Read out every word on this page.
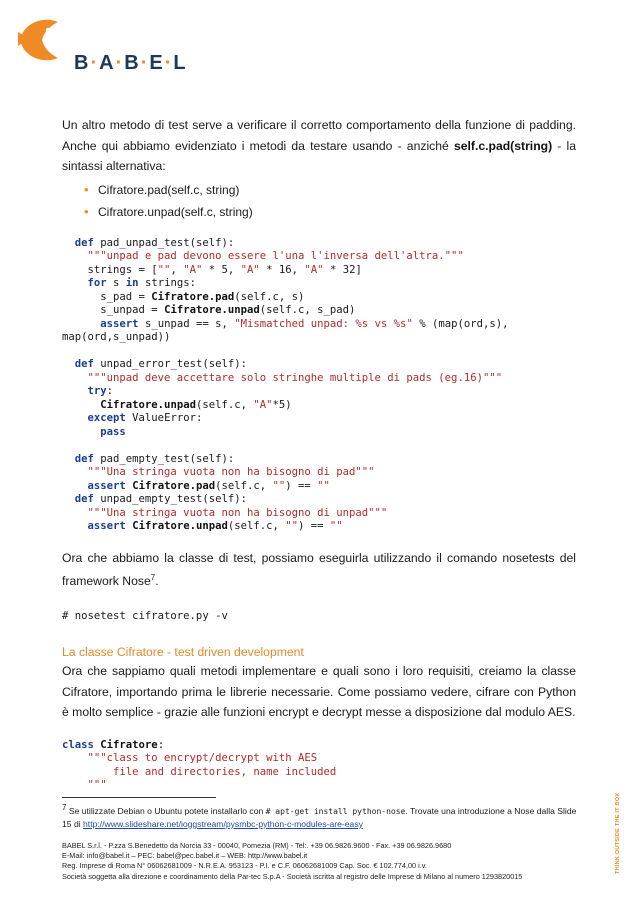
B·A·B·E·L

Un altro metodo di test serve a verificare il corretto comportamento della funzione di padding. Anche qui abbiamo evidenziato i metodi da testare usando - anziché self.c.pad(string) - la sintassi alternativa:

• Cifratore.pad(self.c, string)
• Cifratore.unpad(self.c, string)
def pad_unpad_test(self):
"""unpad e pad devono essere l'una l'inversa dell'altra."""
strings = ["", "A" * 5, "A" * 16, "A" * 32]
for s in strings:
s_pad = Cifratore.pad(self.c, s)
s_unpad = Cifratore.unpad(self.c, s_pad)
assert s_unpad == s, "Mismatched unpad: %s vs %s" % (map(ord,s),
map(ord,s_unpad))

def unpad_error_test(self):
"""unpad deve accettare solo stringhe multiple di pads (eg.16)"""
try:
Cifratore.unpad(self.c, "A"*5)
except ValueError:
pass

def pad_empty_test(self):
"""Una stringa vuota non ha bisogno di pad"""
assert Cifratore.pad(self.c, "") == ""
def unpad_empty_test(self):
"""Una stringa vuota non ha bisogno di unpad"""
assert Cifratore.unpad(self.c, "") == ""

Ora che abbiamo la classe di test, possiamo eseguirla utilizzando il comando nosetests del framework Nose$^7$.

# nosetest cifratore.py -v
La classe Cifratore - test driven development

Ora che sappiamo quali metodi implementare e quali sono i loro requisiti, creiamo la classe Cifratore, importando prima le librerie necessarie. Come possiamo vedere, cifrare con Python è molto semplice - grazie alle funzioni encrypt e decrypt messe a disposizione dal modulo AES.

class Cifratore:
"""class to encrypt/decrypt with AES
file and directories, name included
"""
7 Se utilizzate Debian o Ubuntu potete installarlo con # apt-get install python-nose. Trovate una introduzione a Nose dalla Slide 15 di http://www.slideshare.net/ioggstream/pysmbc-python-c-modules-are-easy
BABEL S.r.l. - P.zza S.Benedetto da Norcia 33 - 00040, Pomezia (RM) - Tel:. +39 06.9826.9600 - Fax. +39 06.9826.9680
E-Mail: info@babel.it – PEC: babel@pec.babel.it – WEB: http://www.babel.it
Reg. Imprese di Roma N° 06062681009 - N.R.E.A. 953123 - P.I. e C.F. 06062681009 Cap. Soc. € 102.774,00 i.v.
Società soggetta alla direzione e coordinamento della Par-tec S.p.A - Società iscritta al registro delle Imprese di Milano al numero 1293820015
THINK OUTSIDE THE IT BOX
